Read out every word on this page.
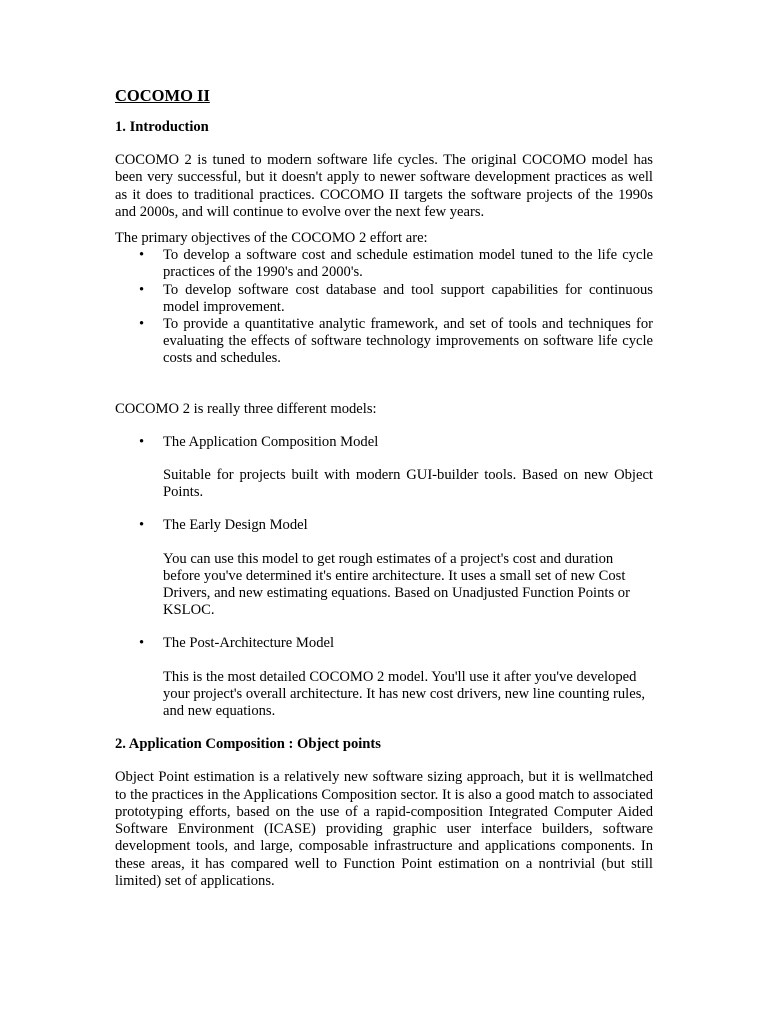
COCOMO II
1. Introduction

COCOMO 2 is tuned to modern software life cycles. The original COCOMO model has been very successful, but it doesn't apply to newer software development practices as well as it does to traditional practices. COCOMO II targets the software projects of the 1990s and 2000s, and will continue to evolve over the next few years.

The primary objectives of the COCOMO 2 effort are:

• To develop a software cost and schedule estimation model tuned to the life cycle practices of the 1990's and 2000's.
• To develop software cost database and tool support capabilities for continuous model improvement.
• To provide a quantitative analytic framework, and set of tools and techniques for evaluating the effects of software technology improvements on software life cycle costs and schedules.

COCOMO 2 is really three different models:

• The Application Composition Model

Suitable for projects built with modern GUI-builder tools. Based on new Object Points.

• The Early Design Model

You can use this model to get rough estimates of a project's cost and duration before you've determined it's entire architecture. It uses a small set of new Cost Drivers, and new estimating equations. Based on Unadjusted Function Points or KSLOC.

• The Post-Architecture Model

This is the most detailed COCOMO 2 model. You'll use it after you've developed your project's overall architecture. It has new cost drivers, new line counting rules, and new equations.

2. Application Composition : Object points

Object Point estimation is a relatively new software sizing approach, but it is wellmatched to the practices in the Applications Composition sector. It is also a good match to associated prototyping efforts, based on the use of a rapid-composition Integrated Computer Aided Software Environment (ICASE) providing graphic user interface builders, software development tools, and large, composable infrastructure and applications components. In these areas, it has compared well to Function Point estimation on a nontrivial (but still limited) set of applications.
